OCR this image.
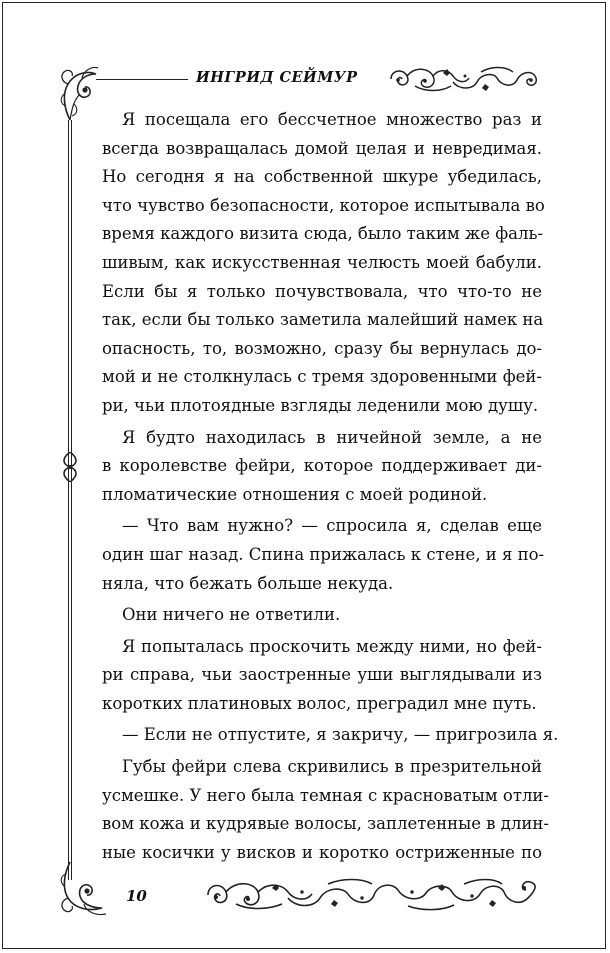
ИНГРИД СЕЙМУР
10
Я посещала его бессчетное множество раз и
всегда возвращалась домой целая и невредимая.
Но сегодня я на собственной шкуре убедилась,
что чувство безопасности, которое испытывала во
время каждого визита сюда, было таким же фаль-
шивым, как искусственная челюсть моей бабули.
Если бы я только почувствовала, что что-то не
так, если бы только заметила малейший намек на
опасность, то, возможно, сразу бы вернулась до-
мой и не столкнулась с тремя здоровенными фей-
ри, чьи плотоядные взгляды леденили мою душу.
Я будто находилась в ничейной земле, а не
в королевстве фейри, которое поддерживает ди-
пломатические отношения с моей родиной.
— Что вам нужно? — спросила я, сделав еще
один шаг назад. Спина прижалась к стене, и я по-
няла, что бежать больше некуда.
Они ничего не ответили.
Я попыталась проскочить между ними, но фей-
ри справа, чьи заостренные уши выглядывали из
коротких платиновых волос, преградил мне путь.
— Если не отпустите, я закричу, — пригрозила я.
Губы фейри слева скривились в презрительной
усмешке. У него была темная с красноватым отли-
вом кожа и кудрявые волосы, заплетенные в длин-
ные косички у висков и коротко остриженные по
